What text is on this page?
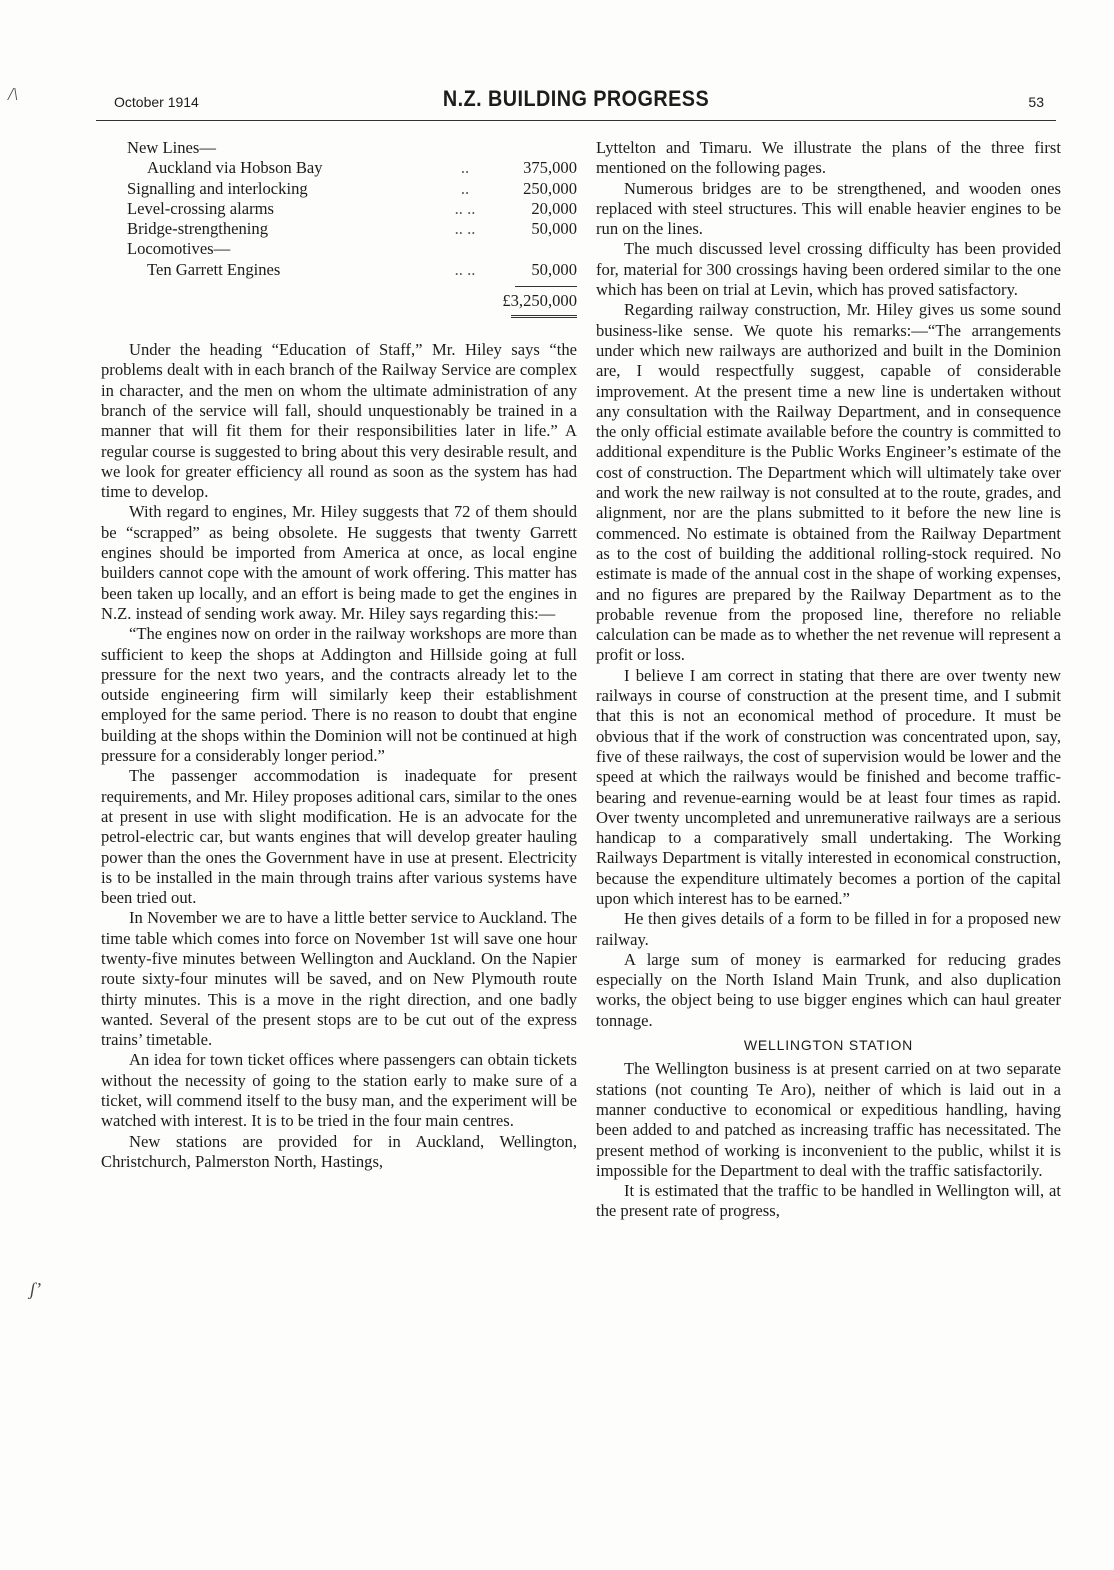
/\
ʃʼ
October 1914	N.Z. BUILDING PROGRESS	53
New Lines—
Auckland via Hobson Bay	..	375,000
Signalling and interlocking	..	250,000
Level-crossing alarms	.. ..	20,000
Bridge-strengthening	.. ..	50,000
Locomotives—
Ten Garrett Engines	.. ..	50,000
£3,250,000

Under the heading “Education of Staff,” Mr. Hiley says “the problems dealt with in each branch of the Railway Service are complex in character, and the men on whom the ultimate administration of any branch of the service will fall, should unquestionably be trained in a manner that will fit them for their responsibilities later in life.” A regular course is suggested to bring about this very desirable result, and we look for greater efficiency all round as soon as the system has had time to develop.

With regard to engines, Mr. Hiley suggests that 72 of them should be “scrapped” as being obsolete. He suggests that twenty Garrett engines should be imported from America at once, as local engine builders cannot cope with the amount of work offering. This matter has been taken up locally, and an effort is being made to get the engines in N.Z. instead of sending work away. Mr. Hiley says regarding this:—

“The engines now on order in the railway workshops are more than sufficient to keep the shops at Addington and Hillside going at full pressure for the next two years, and the contracts already let to the outside engineering firm will similarly keep their establishment employed for the same period. There is no reason to doubt that engine building at the shops within the Dominion will not be continued at high pressure for a considerably longer period.”

The passenger accommodation is inadequate for present requirements, and Mr. Hiley proposes aditional cars, similar to the ones at present in use with slight modification. He is an advocate for the petrol-electric car, but wants engines that will develop greater hauling power than the ones the Government have in use at present. Electricity is to be installed in the main through trains after various systems have been tried out.

In November we are to have a little better service to Auckland. The time table which comes into force on November 1st will save one hour twenty-five minutes between Wellington and Auckland. On the Napier route sixty-four minutes will be saved, and on New Plymouth route thirty minutes. This is a move in the right direction, and one badly wanted. Several of the present stops are to be cut out of the express trains’ timetable.

An idea for town ticket offices where passengers can obtain tickets without the necessity of going to the station early to make sure of a ticket, will commend itself to the busy man, and the experiment will be watched with interest. It is to be tried in the four main centres.

New stations are provided for in Auckland, Wellington, Christchurch, Palmerston North, Hastings,

Lyttelton and Timaru. We illustrate the plans of the three first mentioned on the following pages.

Numerous bridges are to be strengthened, and wooden ones replaced with steel structures. This will enable heavier engines to be run on the lines.

The much discussed level crossing difficulty has been provided for, material for 300 crossings having been ordered similar to the one which has been on trial at Levin, which has proved satisfactory.

Regarding railway construction, Mr. Hiley gives us some sound business-like sense. We quote his remarks:—“The arrangements under which new railways are authorized and built in the Dominion are, I would respectfully suggest, capable of considerable improvement. At the present time a new line is undertaken without any consultation with the Railway Department, and in consequence the only official estimate available before the country is committed to additional expenditure is the Public Works Engineer’s estimate of the cost of construction. The Department which will ultimately take over and work the new railway is not consulted at to the route, grades, and alignment, nor are the plans submitted to it before the new line is commenced. No estimate is obtained from the Railway Department as to the cost of building the additional rolling-stock required. No estimate is made of the annual cost in the shape of working expenses, and no figures are prepared by the Railway Department as to the probable revenue from the proposed line, therefore no reliable calculation can be made as to whether the net revenue will represent a profit or loss.

I believe I am correct in stating that there are over twenty new railways in course of construction at the present time, and I submit that this is not an economical method of procedure. It must be obvious that if the work of construction was concentrated upon, say, five of these railways, the cost of supervision would be lower and the speed at which the railways would be finished and become traffic-bearing and revenue-earning would be at least four times as rapid. Over twenty uncompleted and unremunerative railways are a serious handicap to a comparatively small undertaking. The Working Railways Department is vitally interested in economical construction, because the expenditure ultimately becomes a portion of the capital upon which interest has to be earned.”

He then gives details of a form to be filled in for a proposed new railway.

A large sum of money is earmarked for reducing grades especially on the North Island Main Trunk, and also duplication works, the object being to use bigger engines which can haul greater tonnage.

WELLINGTON STATION

The Wellington business is at present carried on at two separate stations (not counting Te Aro), neither of which is laid out in a manner conductive to economical or expeditious handling, having been added to and patched as increasing traffic has necessitated. The present method of working is inconvenient to the public, whilst it is impossible for the Department to deal with the traffic satisfactorily.

It is estimated that the traffic to be handled in Wellington will, at the present rate of progress,
